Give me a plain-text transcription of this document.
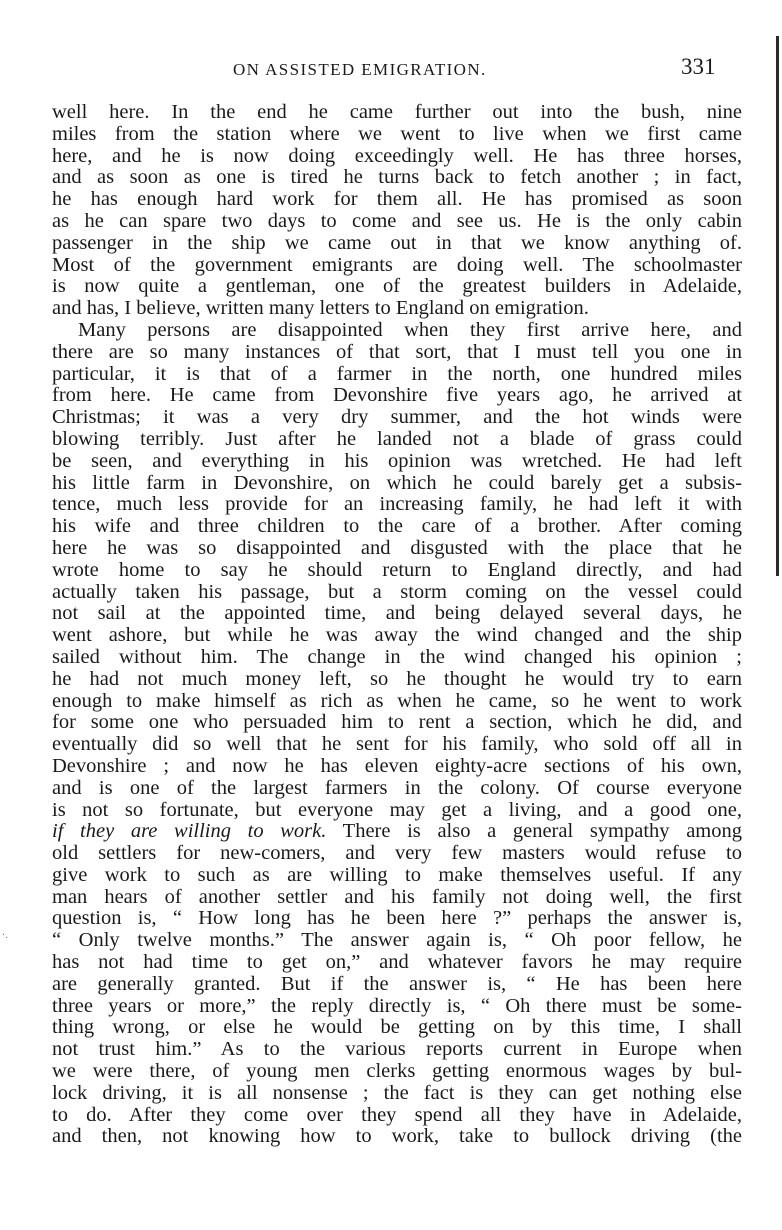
ON ASSISTED EMIGRATION.	331
·.
well here. In the end he came further out into the bush, nine
miles from the station where we went to live when we first came
here, and he is now doing exceedingly well. He has three horses,
and as soon as one is tired he turns back to fetch another ; in fact,
he has enough hard work for them all. He has promised as soon
as he can spare two days to come and see us. He is the only cabin
passenger in the ship we came out in that we know anything of.
Most of the government emigrants are doing well. The schoolmaster
is now quite a gentleman, one of the greatest builders in Adelaide,
and has, I believe, written many letters to England on emigration.
Many persons are disappointed when they first arrive here, and
there are so many instances of that sort, that I must tell you one in
particular, it is that of a farmer in the north, one hundred miles
from here. He came from Devonshire five years ago, he arrived at
Christmas; it was a very dry summer, and the hot winds were
blowing terribly. Just after he landed not a blade of grass could
be seen, and everything in his opinion was wretched. He had left
his little farm in Devonshire, on which he could barely get a subsis-
tence, much less provide for an increasing family, he had left it with
his wife and three children to the care of a brother. After coming
here he was so disappointed and disgusted with the place that he
wrote home to say he should return to England directly, and had
actually taken his passage, but a storm coming on the vessel could
not sail at the appointed time, and being delayed several days, he
went ashore, but while he was away the wind changed and the ship
sailed without him. The change in the wind changed his opinion ;
he had not much money left, so he thought he would try to earn
enough to make himself as rich as when he came, so he went to work
for some one who persuaded him to rent a section, which he did, and
eventually did so well that he sent for his family, who sold off all in
Devonshire ; and now he has eleven eighty-acre sections of his own,
and is one of the largest farmers in the colony. Of course everyone
is not so fortunate, but everyone may get a living, and a good one,
if they are willing to work. There is also a general sympathy among
old settlers for new-comers, and very few masters would refuse to
give work to such as are willing to make themselves useful. If any
man hears of another settler and his family not doing well, the first
question is, “ How long has he been here ?” perhaps the answer is,
“ Only twelve months.” The answer again is, “ Oh poor fellow, he
has not had time to get on,” and whatever favors he may require
are generally granted. But if the answer is, “ He has been here
three years or more,” the reply directly is, “ Oh there must be some-
thing wrong, or else he would be getting on by this time, I shall
not trust him.” As to the various reports current in Europe when
we were there, of young men clerks getting enormous wages by bul-
lock driving, it is all nonsense ; the fact is they can get nothing else
to do. After they come over they spend all they have in Adelaide,
and then, not knowing how to work, take to bullock driving (the
